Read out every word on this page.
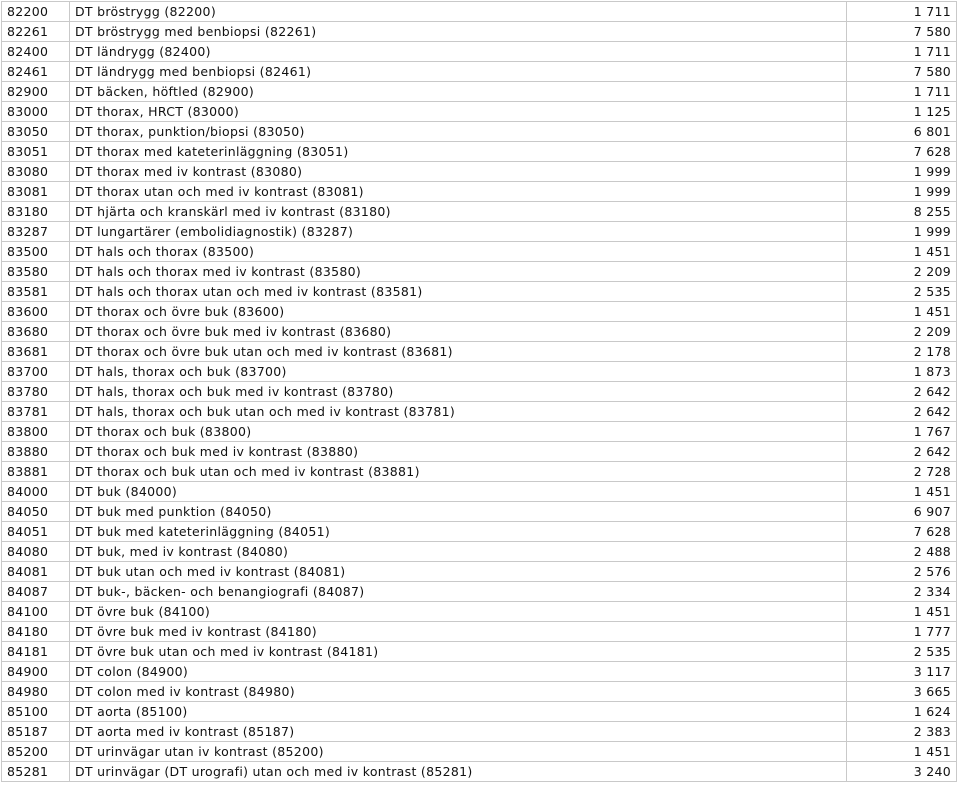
82200	DT bröstrygg (82200)	1 711
82261	DT bröstrygg med benbiopsi (82261)	7 580
82400	DT ländrygg (82400)	1 711
82461	DT ländrygg med benbiopsi (82461)	7 580
82900	DT bäcken, höftled (82900)	1 711
83000	DT thorax, HRCT (83000)	1 125
83050	DT thorax, punktion/biopsi (83050)	6 801
83051	DT thorax med kateterinläggning (83051)	7 628
83080	DT thorax med iv kontrast (83080)	1 999
83081	DT thorax utan och med iv kontrast (83081)	1 999
83180	DT hjärta och kranskärl med iv kontrast (83180)	8 255
83287	DT lungartärer (embolidiagnostik) (83287)	1 999
83500	DT hals och thorax (83500)	1 451
83580	DT hals och thorax med iv kontrast (83580)	2 209
83581	DT hals och thorax utan och med iv kontrast (83581)	2 535
83600	DT thorax och övre buk (83600)	1 451
83680	DT thorax och övre buk med iv kontrast (83680)	2 209
83681	DT thorax och övre buk utan och med iv kontrast (83681)	2 178
83700	DT hals, thorax och buk (83700)	1 873
83780	DT hals, thorax och buk med iv kontrast (83780)	2 642
83781	DT hals, thorax och buk utan och med iv kontrast (83781)	2 642
83800	DT thorax och buk (83800)	1 767
83880	DT thorax och buk med iv kontrast (83880)	2 642
83881	DT thorax och buk utan och med iv kontrast (83881)	2 728
84000	DT buk (84000)	1 451
84050	DT buk med punktion (84050)	6 907
84051	DT buk med kateterinläggning (84051)	7 628
84080	DT buk, med iv kontrast (84080)	2 488
84081	DT buk utan och med iv kontrast (84081)	2 576
84087	DT buk-, bäcken- och benangiografi (84087)	2 334
84100	DT övre buk (84100)	1 451
84180	DT övre buk med iv kontrast (84180)	1 777
84181	DT övre buk utan och med iv kontrast (84181)	2 535
84900	DT colon (84900)	3 117
84980	DT colon med iv kontrast (84980)	3 665
85100	DT aorta (85100)	1 624
85187	DT aorta med iv kontrast (85187)	2 383
85200	DT urinvägar utan iv kontrast (85200)	1 451
85281	DT urinvägar (DT urografi) utan och med iv kontrast (85281)	3 240
